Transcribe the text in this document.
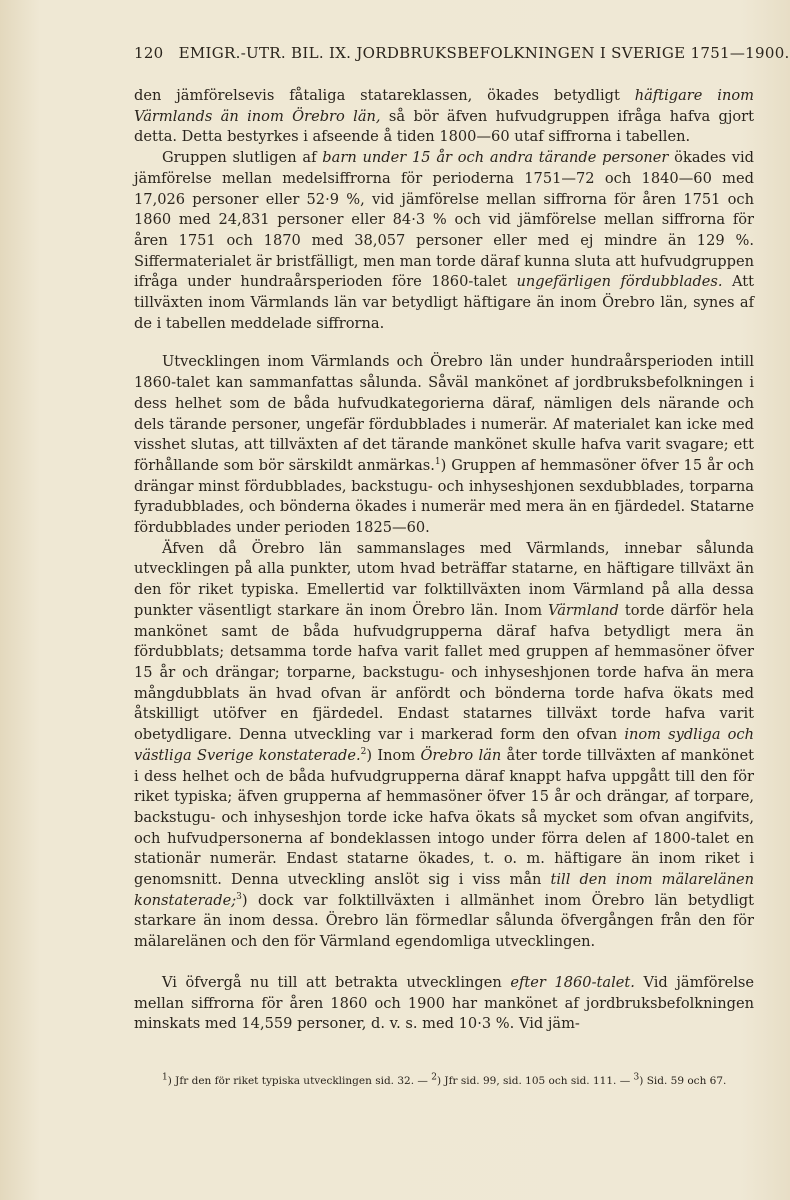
120 EMIGR.-UTR. BIL. IX. JORDBRUKSBEFOLKNINGEN I SVERIGE 1751—1900.

den jämförelsevis fåtaliga statareklassen, ökades betydligt häftigare inom Värmlands än inom Örebro län, så bör äfven hufvudgruppen ifråga hafva gjort detta. Detta bestyrkes i afseende å tiden 1800—60 utaf siffrorna i tabellen.

Gruppen slutligen af barn under 15 år och andra tärande personer ökades vid jämförelse mellan medelsiffrorna för perioderna 1751—72 och 1840—60 med 17,026 personer eller 52·9 %, vid jämförelse mellan siffrorna för åren 1751 och 1860 med 24,831 personer eller 84·3 % och vid jämförelse mellan siffrorna för åren 1751 och 1870 med 38,057 personer eller med ej mindre än 129 %. Siffermaterialet är bristfälligt, men man torde däraf kunna sluta att hufvudgruppen ifråga under hundraårsperioden före 1860-talet ungefärligen fördubblades. Att tillväxten inom Värmlands län var betydligt häftigare än inom Örebro län, synes af de i tabellen meddelade siffrorna.

Utvecklingen inom Värmlands och Örebro län under hundraårsperioden intill 1860-talet kan sammanfattas sålunda. Såväl mankönet af jordbruksbefolkningen i dess helhet som de båda hufvudkategorierna däraf, nämligen dels närande och dels tärande personer, ungefär fördubblades i numerär. Af materialet kan icke med visshet slutas, att tillväxten af det tärande mankönet skulle hafva varit svagare; ett förhållande som bör särskildt anmärkas.$^1$) Gruppen af hemmasöner öfver 15 år och drängar minst fördubblades, backstugu- och inhyseshjonen sexdubblades, torparna fyradubblades, och bönderna ökades i numerär med mera än en fjärdedel. Statarne fördubblades under perioden 1825—60.

Äfven då Örebro län sammanslages med Värmlands, innebar sålunda utvecklingen på alla punkter, utom hvad beträffar statarne, en häftigare tillväxt än den för riket typiska. Emellertid var folktillväxten inom Värmland på alla dessa punkter väsentligt starkare än inom Örebro län. Inom Värmland torde därför hela mankönet samt de båda hufvudgrupperna däraf hafva betydligt mera än fördubblats; detsamma torde hafva varit fallet med gruppen af hemmasöner öfver 15 år och drängar; torparne, backstugu- och inhyseshjonen torde hafva än mera mångdubblats än hvad ofvan är anfördt och bönderna torde hafva ökats med åtskilligt utöfver en fjärdedel. Endast statarnes tillväxt torde hafva varit obetydligare. Denna utveckling var i markerad form den ofvan inom sydliga och västliga Sverige konstaterade.$^2$) Inom Örebro län åter torde tillväxten af mankönet i dess helhet och de båda hufvudgrupperna däraf knappt hafva uppgått till den för riket typiska; äfven grupperna af hemmasöner öfver 15 år och drängar, af torpare, backstugu- och inhyseshjon torde icke hafva ökats så mycket som ofvan angifvits, och hufvudpersonerna af bondeklassen intogo under förra delen af 1800-talet en stationär numerär. Endast statarne ökades, t. o. m. häftigare än inom riket i genomsnitt. Denna utveckling anslöt sig i viss mån till den inom mälarelänen konstaterade;$^3$) dock var folktillväxten i allmänhet inom Örebro län betydligt starkare än inom dessa. Örebro län förmedlar sålunda öfvergången från den för mälarelänen och den för Värmland egendomliga utvecklingen.

Vi öfvergå nu till att betrakta utvecklingen efter 1860-talet. Vid jämförelse mellan siffrorna för åren 1860 och 1900 har mankönet af jordbruksbefolkningen minskats med 14,559 personer, d. v. s. med 10·3 %. Vid jäm-

$^1$) Jfr den för riket typiska utvecklingen sid. 32. — $^2$) Jfr sid. 99, sid. 105 och sid. 111. — $^3$) Sid. 59 och 67.
